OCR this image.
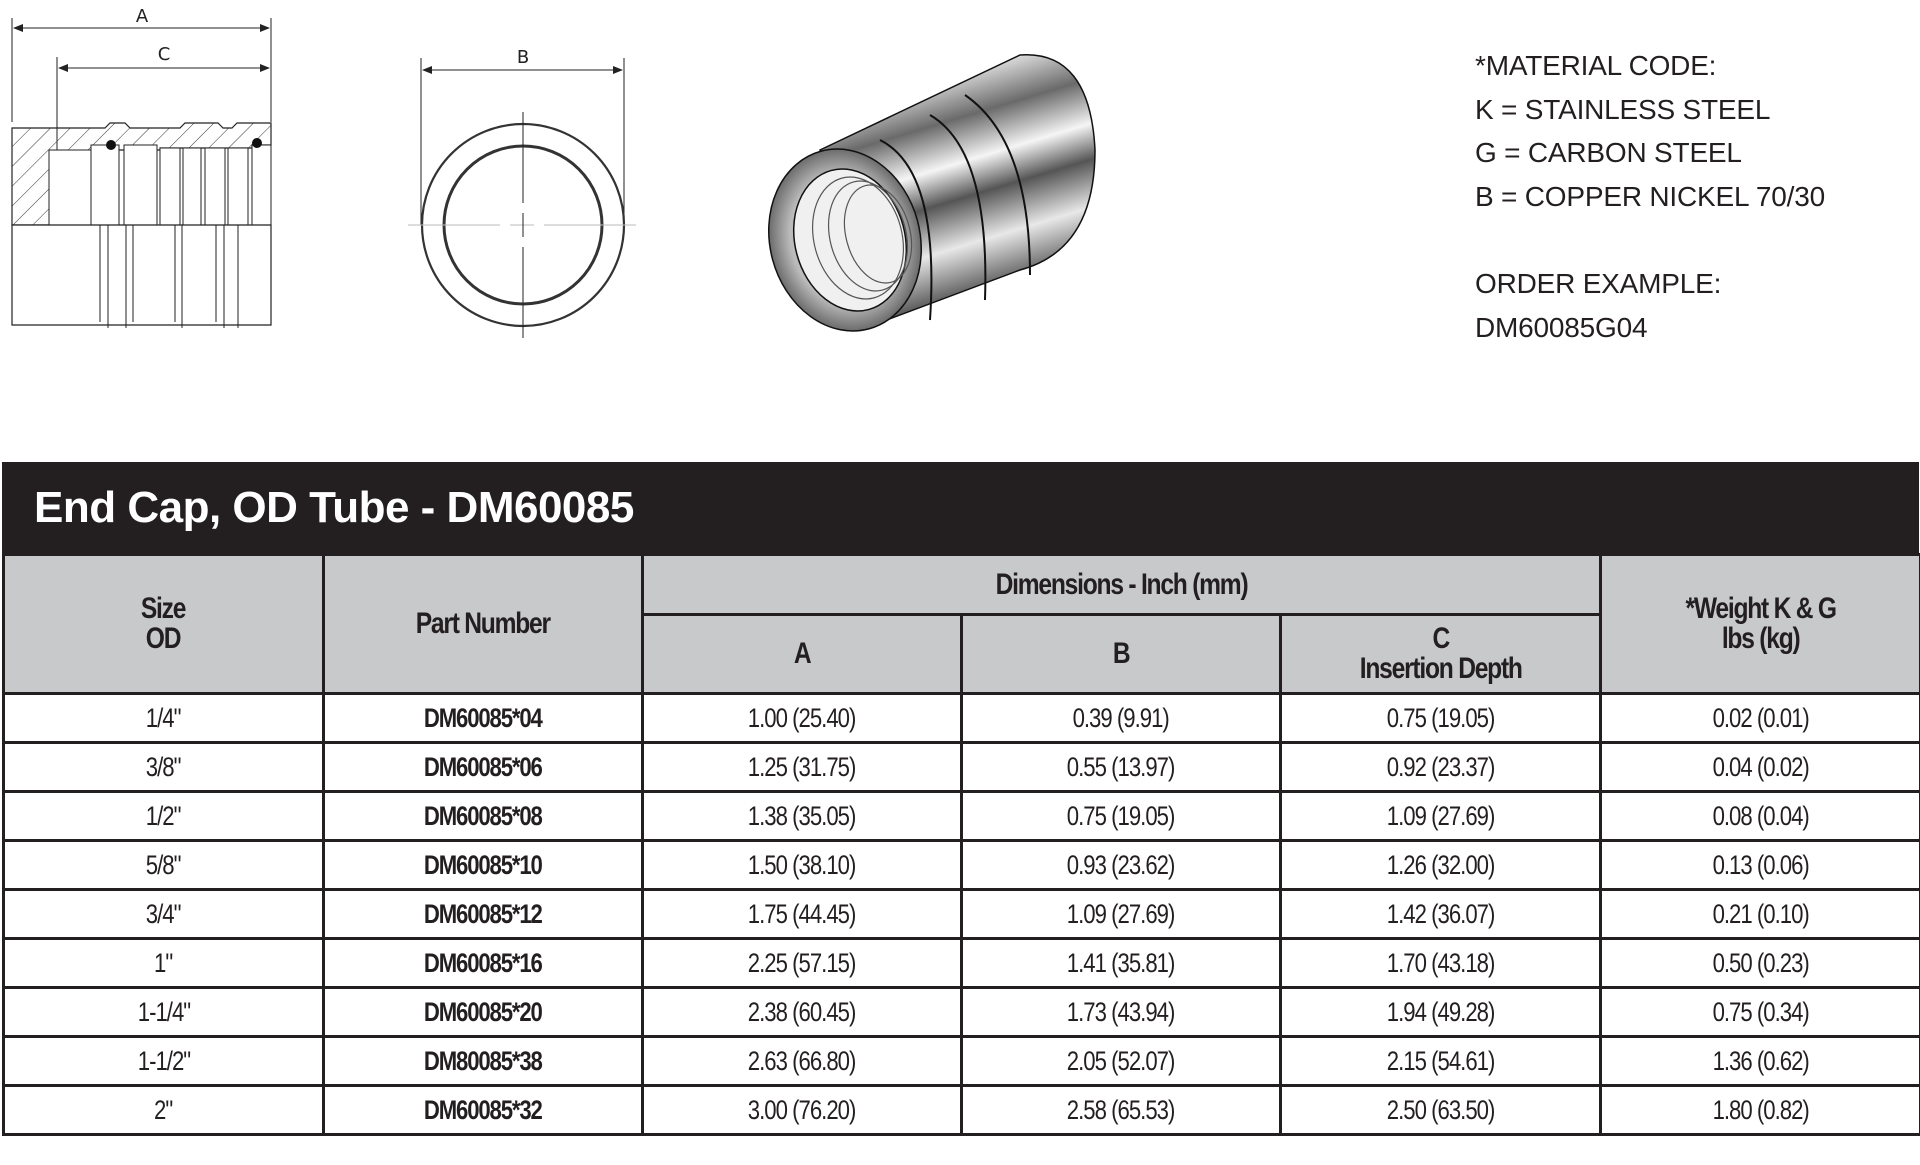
A
C	B	*MATERIAL CODE:
K = STAINLESS STEEL
G = CARBON STEEL
B = COPPER NICKEL 70/30
ORDER EXAMPLE:
DM60085G04
End Cap, OD Tube - DM60085
Size
OD	Part Number	Dimensions - Inch (mm)			*Weight K & G
lbs (kg)
		A	B	C
Insertion Depth	
1/4"	DM60085*04	1.00 (25.40)	0.39 (9.91)	0.75 (19.05)	0.02 (0.01)
3/8"	DM60085*06	1.25 (31.75)	0.55 (13.97)	0.92 (23.37)	0.04 (0.02)
1/2"	DM60085*08	1.38 (35.05)	0.75 (19.05)	1.09 (27.69)	0.08 (0.04)
5/8"	DM60085*10	1.50 (38.10)	0.93 (23.62)	1.26 (32.00)	0.13 (0.06)
3/4"	DM60085*12	1.75 (44.45)	1.09 (27.69)	1.42 (36.07)	0.21 (0.10)
1"	DM60085*16	2.25 (57.15)	1.41 (35.81)	1.70 (43.18)	0.50 (0.23)
1-1/4"	DM60085*20	2.38 (60.45)	1.73 (43.94)	1.94 (49.28)	0.75 (0.34)
1-1/2"	DM80085*38	2.63 (66.80)	2.05 (52.07)	2.15 (54.61)	1.36 (0.62)
2"	DM60085*32	3.00 (76.20)	2.58 (65.53)	2.50 (63.50)	1.80 (0.82)
